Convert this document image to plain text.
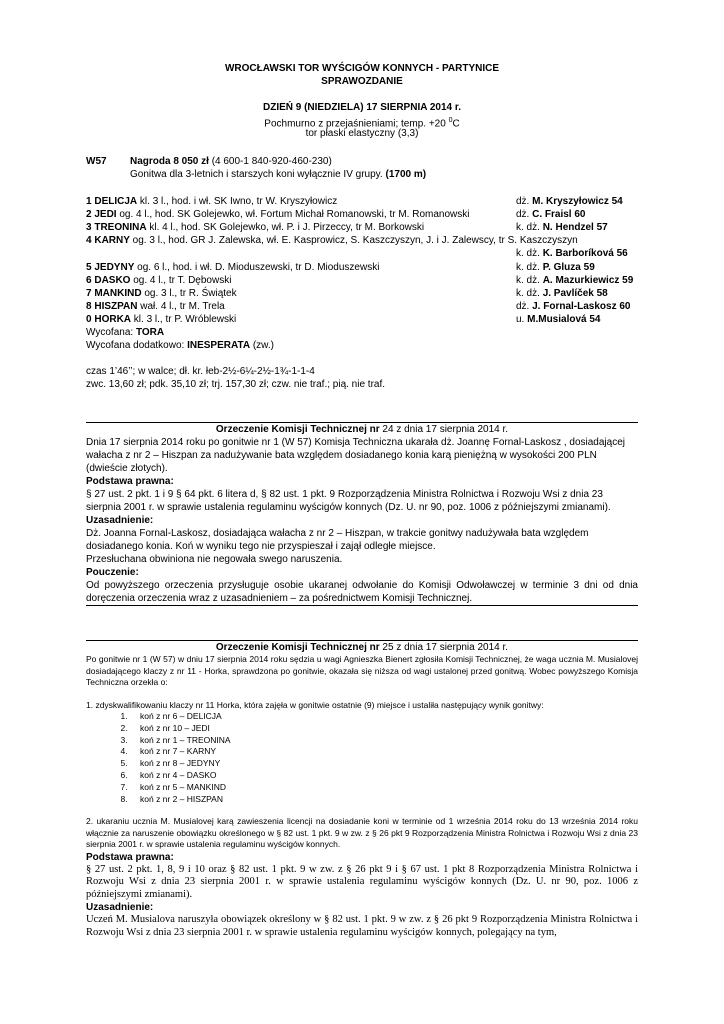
WROCŁAWSKI TOR WYŚCIGÓW KONNYCH - PARTYNICE
SPRAWOZDANIE
DZIEŃ 9 (NIEDZIELA) 17 SIERPNIA 2014 r.
Pochmurno z przejaśnieniami; temp. +20 $^0$C
tor płaski elastyczny (3,3)
W57 Nagroda 8 050 zł (4 600-1 840-920-460-230)
Gonitwa dla 3-letnich i starszych koni wyłącznie IV grupy. (1700 m)
1 DELICJA kl. 3 l., hod. i wł. SK Iwno, tr W. Kryszyłowicz	dż. M. Kryszyłowicz 54
2 JEDI og. 4 l., hod. SK Golejewko, wł. Fortum Michał Romanowski, tr M. Romanowski	dż. C. Fraisl 60
3 TREONINA kl. 4 l., hod. SK Golejewko, wł. P. i J. Pirzeccy, tr M. Borkowski	k. dż. N. Hendzel 57
4 KARNY og. 3 l., hod. GR J. Zalewska, wł. E. Kasprowicz, S. Kaszczyszyn, J. i J. Zalewscy, tr S. Kaszczyszyn
k. dż. K. Barboríková 56
5 JEDYNY og. 6 l., hod. i wł. D. Mioduszewski, tr D. Mioduszewski	k. dż. P. Gluza 59
6 DASKO og. 4 l., tr T. Dębowski	k. dż. A. Mazurkiewicz 59
7 MANKIND og. 3 l., tr R. Świątek	k. dż. J. Pavlíček 58
8 HISZPAN wał. 4 l., tr M. Trela	dż. J. Fornal-Laskosz 60
0 HORKA kl. 3 l., tr P. Wróblewski	u. M.Musialová 54
Wycofana: TORA
Wycofana dodatkowo: INESPERATA (zw.)
czas 1’46’’; w walce; dł. kr. łeb-2½-6¼-2½-1¾-1-1-4
zwc. 13,60 zł; pdk. 35,10 zł; trj. 157,30 zł; czw. nie traf.; pią. nie traf.

Orzeczenie Komisji Technicznej nr 24 z dnia 17 sierpnia 2014 r.

Dnia 17 sierpnia 2014 roku po gonitwie nr 1 (W 57) Komisja Techniczna ukarała dż. Joannę Fornal-Laskosz , dosiadającej wałacha z nr 2 – Hiszpan za nadużywanie bata względem dosiadanego konia karą pieniężną w wysokości 200 PLN (dwieście złotych).

Podstawa prawna:

§ 27 ust. 2 pkt. 1 i 9 § 64 pkt. 6 litera d, § 82 ust. 1 pkt. 9 Rozporządzenia Ministra Rolnictwa i Rozwoju Wsi z dnia 23 sierpnia 2001 r. w sprawie ustalenia regulaminu wyścigów konnych (Dz. U. nr 90, poz. 1006 z późniejszymi zmianami).

Uzasadnienie:

Dż. Joanna Fornal-Laskosz, dosiadająca wałacha z nr 2 – Hiszpan, w trakcie gonitwy nadużywała bata względem dosiadanego konia. Koń w wyniku tego nie przyspieszał i zajął odległe miejsce.

Przesłuchana obwiniona nie negowała swego naruszenia.

Pouczenie:

Od powyższego orzeczenia przysługuje osobie ukaranej odwołanie do Komisji Odwoławczej w terminie 3 dni od dnia doręczenia orzeczenia wraz z uzasadnieniem – za pośrednictwem Komisji Technicznej.

Orzeczenie Komisji Technicznej nr 25 z dnia 17 sierpnia 2014 r.

Po gonitwie nr 1 (W 57) w dniu 17 sierpnia 2014 roku sędzia u wagi Agnieszka Bienert zgłosiła Komisji Technicznej, że waga ucznia M. Musialovej dosiadającego klaczy z nr 11 - Horka, sprawdzona po gonitwie, okazała się niższa od wagi ustalonej przed gonitwą. Wobec powyższego Komisja Techniczna orzekła o:

1. zdyskwalifikowaniu klaczy nr 11 Horka, która zajęła w gonitwie ostatnie (9) miejsce i ustaliła następujący wynik gonitwy:

1. koń z nr 6 – DELICJA
2. koń z nr 10 – JEDI
3. koń z nr 1 – TREONINA
4. koń z nr 7 – KARNY
5. koń z nr 8 – JEDYNY
6. koń z nr 4 – DASKO
7. koń z nr 5 – MANKIND
8. koń z nr 2 – HISZPAN

2. ukaraniu ucznia M. Musialovej karą zawieszenia licencji na dosiadanie koni w terminie od 1 września 2014 roku do 13 września 2014 roku włącznie za naruszenie obowiązku określonego w § 82 ust. 1 pkt. 9 w zw. z § 26 pkt 9 Rozporządzenia Ministra Rolnictwa i Rozwoju Wsi z dnia 23 sierpnia 2001 r. w sprawie ustalenia regulaminu wyścigów konnych.

Podstawa prawna:

§ 27 ust. 2 pkt. 1, 8, 9 i 10 oraz § 82 ust. 1 pkt. 9 w zw. z § 26 pkt 9 i § 67 ust. 1 pkt 8 Rozporządzenia Ministra Rolnictwa i Rozwoju Wsi z dnia 23 sierpnia 2001 r. w sprawie ustalenia regulaminu wyścigów konnych (Dz. U. nr 90, poz. 1006 z późniejszymi zmianami).

Uzasadnienie:

Uczeń M. Musialova naruszyła obowiązek określony w § 82 ust. 1 pkt. 9 w zw. z § 26 pkt 9 Rozporządzenia Ministra Rolnictwa i Rozwoju Wsi z dnia 23 sierpnia 2001 r. w sprawie ustalenia regulaminu wyścigów konnych, polegający na tym,
